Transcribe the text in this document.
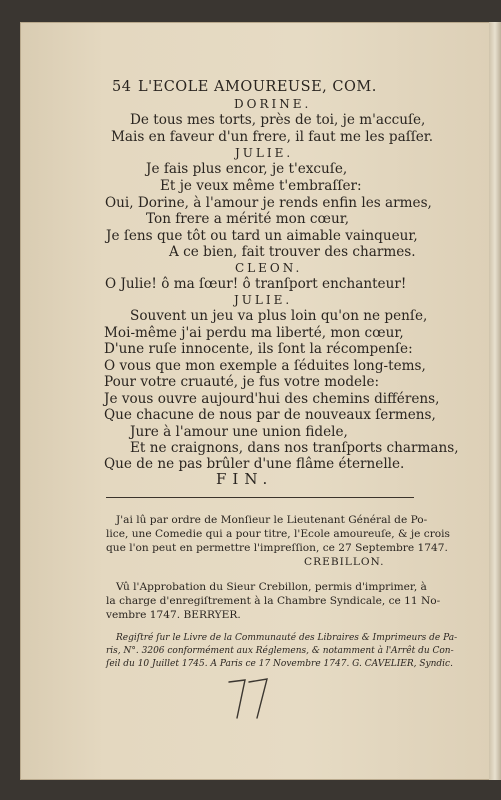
54 L'ECOLE AMOUREUSE, COM.
DORINE.
De tous mes torts, près de toi, je m'accuſe,
Mais en faveur d'un frere, il faut me les paſſer.
JULIE.
Je fais plus encor, je t'excuſe,
Et je veux même t'embraſſer:
Oui, Dorine, à l'amour je rends enfin les armes,
Ton frere a mérité mon cœur,
Je ſens que tôt ou tard un aimable vainqueur,
A ce bien, fait trouver des charmes.
CLEON.
O Julie! ô ma ſœur! ô tranſport enchanteur!
JULIE.
Souvent un jeu va plus loin qu'on ne penſe,
Moi-même j'ai perdu ma liberté, mon cœur,
D'une ruſe innocente, ils ſont la récompenſe:
O vous que mon exemple a ſéduites long-tems,
Pour votre cruauté, je fus votre modele:
Je vous ouvre aujourd'hui des chemins différens,
Que chacune de nous par de nouveaux ſermens,
Jure à l'amour une union fidele,
Et ne craignons, dans nos tranſports charmans,
Que de ne pas brûler d'une flâme éternelle.
FIN.
J'ai lû par ordre de Monſieur le Lieutenant Général de Po-
lice, une Comedie qui a pour titre, l'Ecole amoureuſe, & je crois
que l'on peut en permettre l'impreſſion, ce 27 Septembre 1747.
CREBILLON.
Vû l'Approbation du Sieur Crebillon, permis d'imprimer, à
la charge d'enregiſtrement à la Chambre Syndicale, ce 11 No-
vembre 1747. BERRYER.
Regiſtré ſur le Livre de la Communauté des Libraires & Imprimeurs de Pa-
ris, N°. 3206 conformément aux Réglemens, & notamment à l'Arrêt du Con-
ſeil du 10 Juillet 1745. A Paris ce 17 Novembre 1747. G. CAVELIER, Syndic.
